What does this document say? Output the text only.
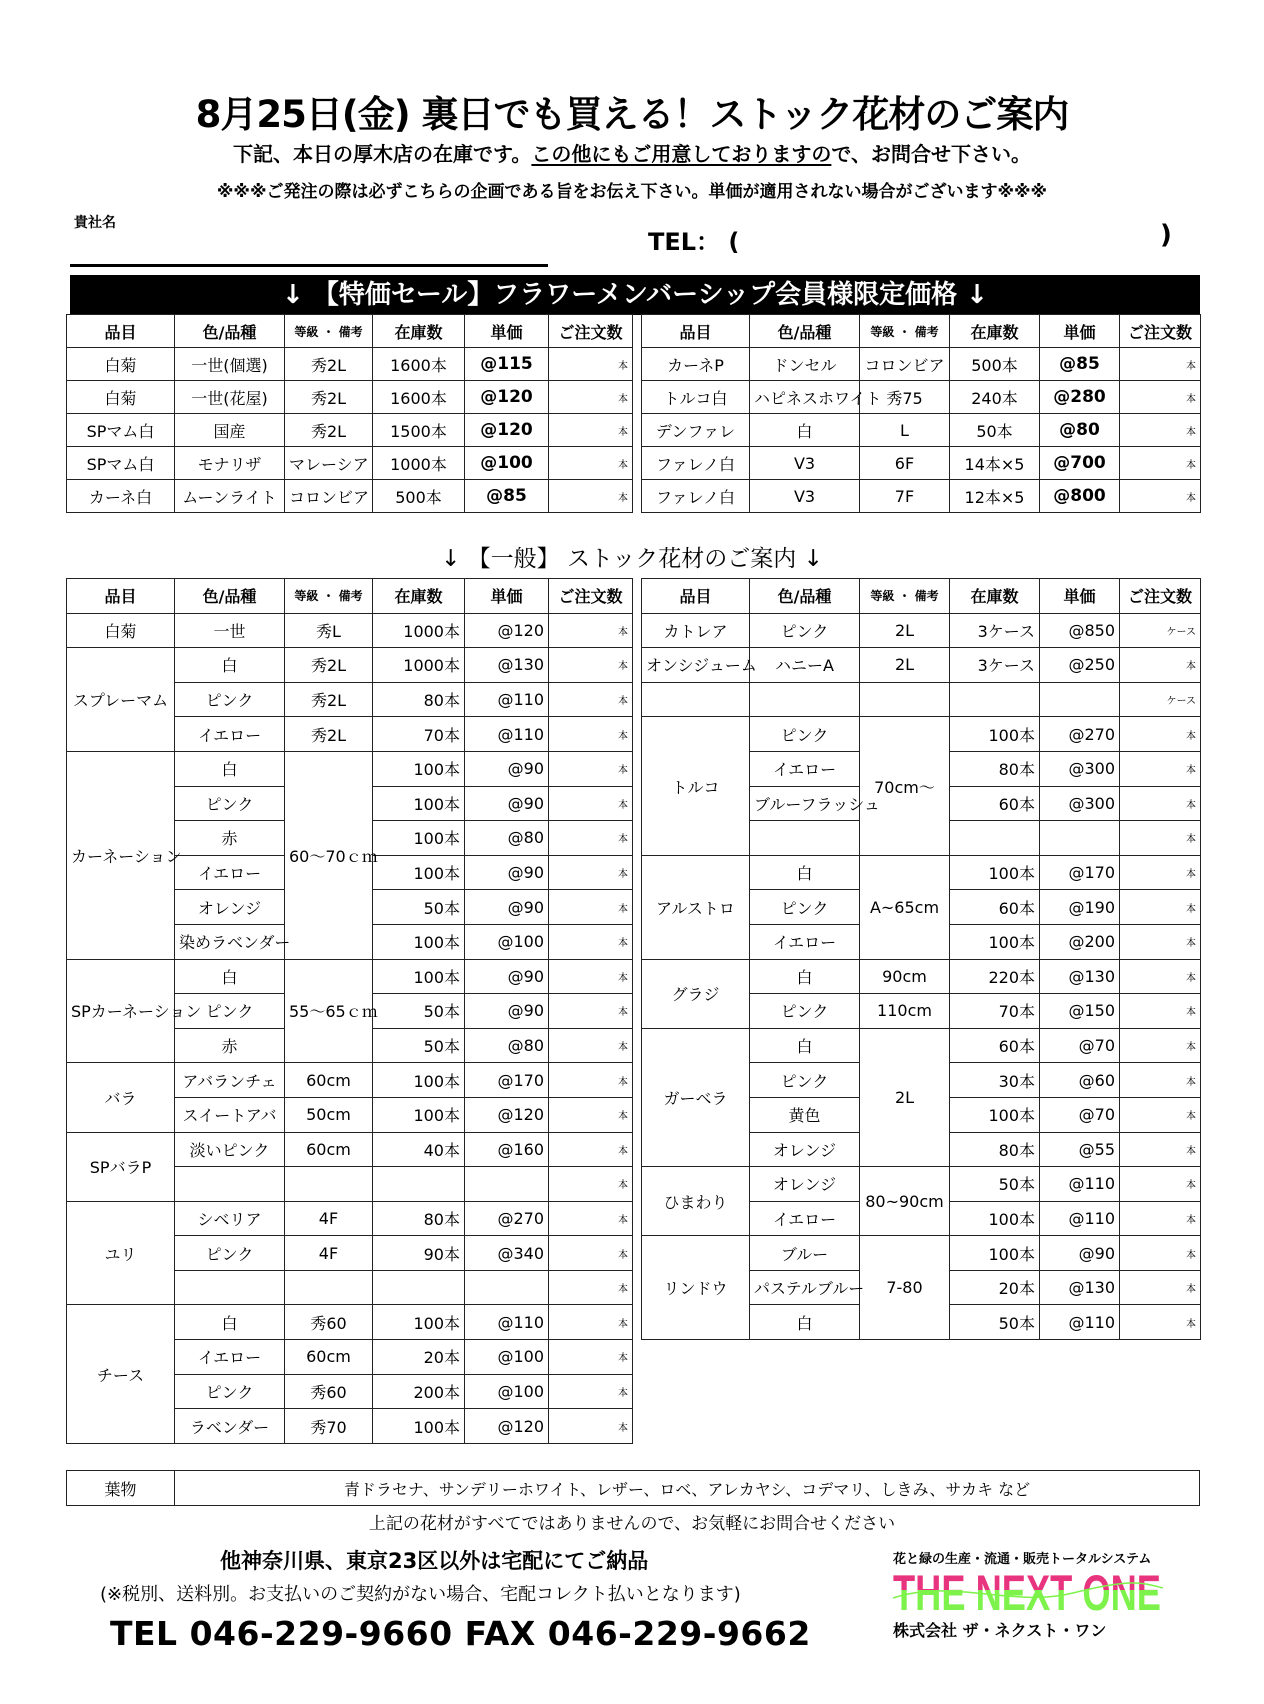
8月25日(金) 裏日でも買える！ストック花材のご案内
下記、本日の厚木店の在庫です。この他にもご用意しておりますので、お問合せ下さい。
※※※ご発注の際は必ずこちらの企画である旨をお伝え下さい。単価が適用されない場合がございます※※※
貴社名
TEL： (	)
↓ 【特価セール】フラワーメンバーシップ会員様限定価格 ↓
品目	色/品種	等級 ・ 備考	在庫数	単価	ご注文数
白菊	一世(個選)	秀2L	1600本	@115	本
白菊	一世(花屋)	秀2L	1600本	@120	本
SPマム白	国産	秀2L	1500本	@120	本
SPマム白	モナリザ	マレーシア	1000本	@100	本
カーネ白	ムーンライト	コロンビア	500本	@85	本
品目	色/品種	等級 ・ 備考	在庫数	単価	ご注文数
カーネP	ドンセル	コロンビア	500本	@85	本
トルコ白	ハピネスホワイト	秀75	240本	@280	本
デンファレ	白	L	50本	@80	本
ファレノ白	V3	6F	14本×5	@700	本
ファレノ白	V3	7F	12本×5	@800	本
↓ 【一般】 ストック花材のご案内 ↓
品目	色/品種	等級 ・ 備考	在庫数	単価	ご注文数
白菊	一世	秀L	1000本	@120	本
スプレーマム	白	秀2L	1000本	@130	本
	ピンク	秀2L	80本	@110	本
	イエロー	秀2L	70本	@110	本
カーネーション	白	60～70ｃｍ	100本	@90	本
	ピンク		100本	@90	本
	赤		100本	@80	本
	イエロー		100本	@90	本
	オレンジ		50本	@90	本
	染めラベンダー		100本	@100	本
SPカーネーション	白	55～65ｃｍ	100本	@90	本
	ピンク		50本	@90	本
	赤		50本	@80	本
バラ	アバランチェ	60cm	100本	@170	本
	スイートアバ	50cm	100本	@120	本
SPバラP	淡いピンク	60cm	40本	@160	本
					本
ユリ	シベリア	4F	80本	@270	本
	ピンク	4F	90本	@340	本
					本
チース	白	秀60	100本	@110	本
	イエロー	60cm	20本	@100	本
	ピンク	秀60	200本	@100	本
	ラベンダー	秀70	100本	@120	本
品目	色/品種	等級 ・ 備考	在庫数	単価	ご注文数
カトレア	ピンク	2L	3ケース	@850	ケース
オンシジューム	ハニーA	2L	3ケース	@250	本
					ケース
トルコ	ピンク	70cm～	100本	@270	本
	イエロー		80本	@300	本
	ブルーフラッシュ		60本	@300	本
					本
アルストロ	白	A~65cm	100本	@170	本
	ピンク		60本	@190	本
	イエロー		100本	@200	本
グラジ	白	90cm	220本	@130	本
	ピンク	110cm	70本	@150	本
ガーベラ	白	2L	60本	@70	本
	ピンク		30本	@60	本
	黄色		100本	@70	本
	オレンジ		80本	@55	本
ひまわり	オレンジ	80~90cm	50本	@110	本
	イエロー		100本	@110	本
リンドウ	ブルー	7-80	100本	@90	本
	パステルブルー		20本	@130	本
	白		50本	@110	本
葉物	青ドラセナ、サンデリーホワイト、レザー、ロベ、アレカヤシ、コデマリ、しきみ、サカキ など
上記の花材がすべてではありませんので、お気軽にお問合せください
他神奈川県、東京23区以外は宅配にてご納品
(※税別、送料別。お支払いのご契約がない場合、宅配コレクト払いとなります)
TEL 046-229-9660 FAX 046-229-9662
花と緑の生産・流通・販売トータルシステム
THE NEXT ONE
株式会社 ザ・ネクスト・ワン
